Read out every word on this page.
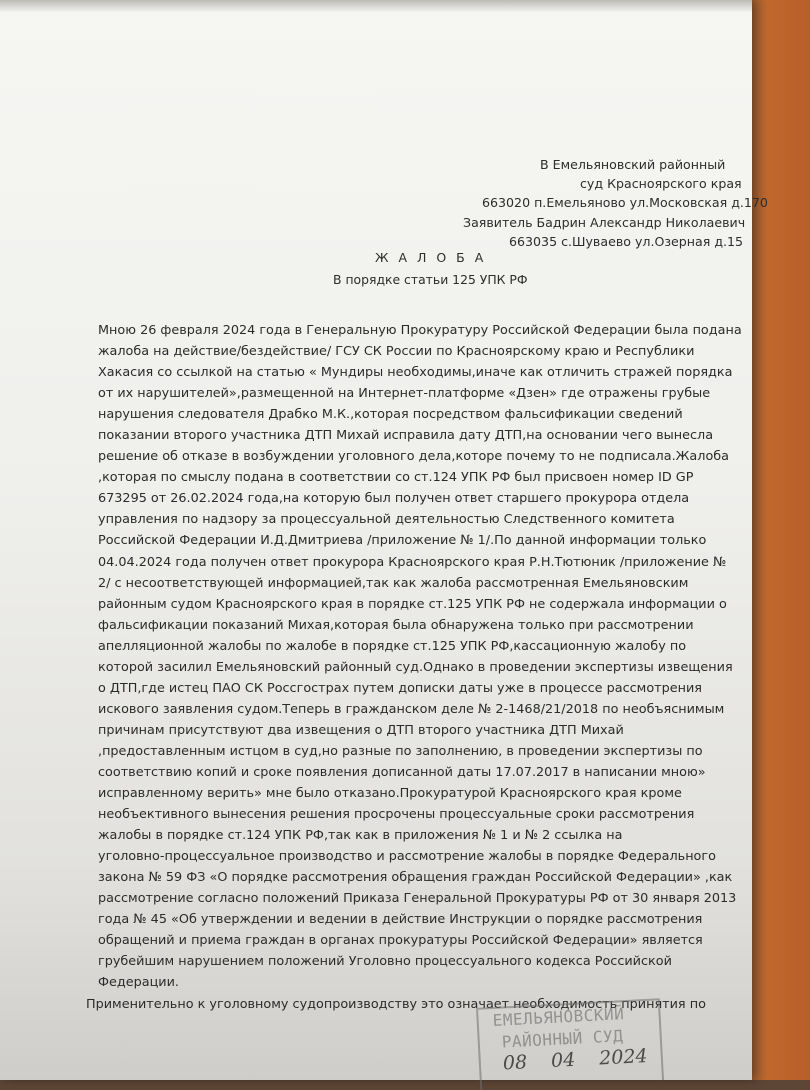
В Емельяновский районный
суд Красноярского края
663020 п.Емельяново ул.Московская д.170
Заявитель Бадрин Александр Николаевич
663035 с.Шуваево ул.Озерная д.15
Ж А Л О Б А
В порядке статьи 125 УПК РФ
Мною 26 февраля 2024 года в Генеральную Прокуратуру Российской Федерации была подана
жалоба на действие/бездействие/ ГСУ СК России по Красноярскому краю и Республики
Хакасия со ссылкой на статью « Мундиры необходимы,иначе как отличить стражей порядка
от их нарушителей»,размещенной на Интернет-платформе «Дзен» где отражены грубые
нарушения следователя Драбко М.К.,которая посредством фальсификации сведений
показании второго участника ДТП Михай исправила дату ДТП,на основании чего вынесла
решение об отказе в возбуждении уголовного дела,которе почему то не подписала.Жалоба
,которая по смыслу подана в соответствии со ст.124 УПК РФ был присвоен номер ID GP
673295 от 26.02.2024 года,на которую был получен ответ старшего прокурора отдела
управления по надзору за процессуальной деятельностью Следственного комитета
Российской Федерации И.Д.Дмитриева /приложение № 1/.По данной информации только
04.04.2024 года получен ответ прокурора Красноярского края Р.Н.Тютюник /приложение №
2/ с несоответствующей информацией,так как жалоба рассмотренная Емельяновским
районным судом Красноярского края в порядке ст.125 УПК РФ не содержала информации о
фальсификации показаний Михая,которая была обнаружена только при рассмотрении
апелляционной жалобы по жалобе в порядке ст.125 УПК РФ,кассационную жалобу по
которой засилил Емельяновский районный суд.Однако в проведении экспертизы извещения
о ДТП,где истец ПАО СК Россгострах путем дописки даты уже в процессе рассмотрения
искового заявления судом.Теперь в гражданском деле № 2-1468/21/2018 по необъяснимым
причинам присутствуют два извещения о ДТП второго участника ДТП Михай
,предоставленным истцом в суд,но разные по заполнению, в проведении экспертизы по
соответствию копий и сроке появления дописанной даты 17.07.2017 в написании мною»
исправленному верить» мне было отказано.Прокуратурой Красноярского края кроме
необъективного вынесения решения просрочены процессуальные сроки рассмотрения
жалобы в порядке ст.124 УПК РФ,так как в приложения № 1 и № 2 ссылка на
уголовно-процессуальное производство и рассмотрение жалобы в порядке Федерального
закона № 59 ФЗ «О порядке рассмотрения обращения граждан Российской Федерации» ,как
рассмотрение согласно положений Приказа Генеральной Прокуратуры РФ от 30 января 2013
года № 45 «Об утверждении и ведении в действие Инструкции о порядке рассмотрения
обращений и приема граждан в органах прокуратуры Российской Федерации» является
грубейшим нарушением положений Уголовно процессуального кодекса Российской
Федерации.
Применительно к уголовному судопроизводству это означает необходимость принятия по
ЕМЕЛЬЯНОВСКИЙ
РАЙОННЫЙ СУД
08 04 2024
